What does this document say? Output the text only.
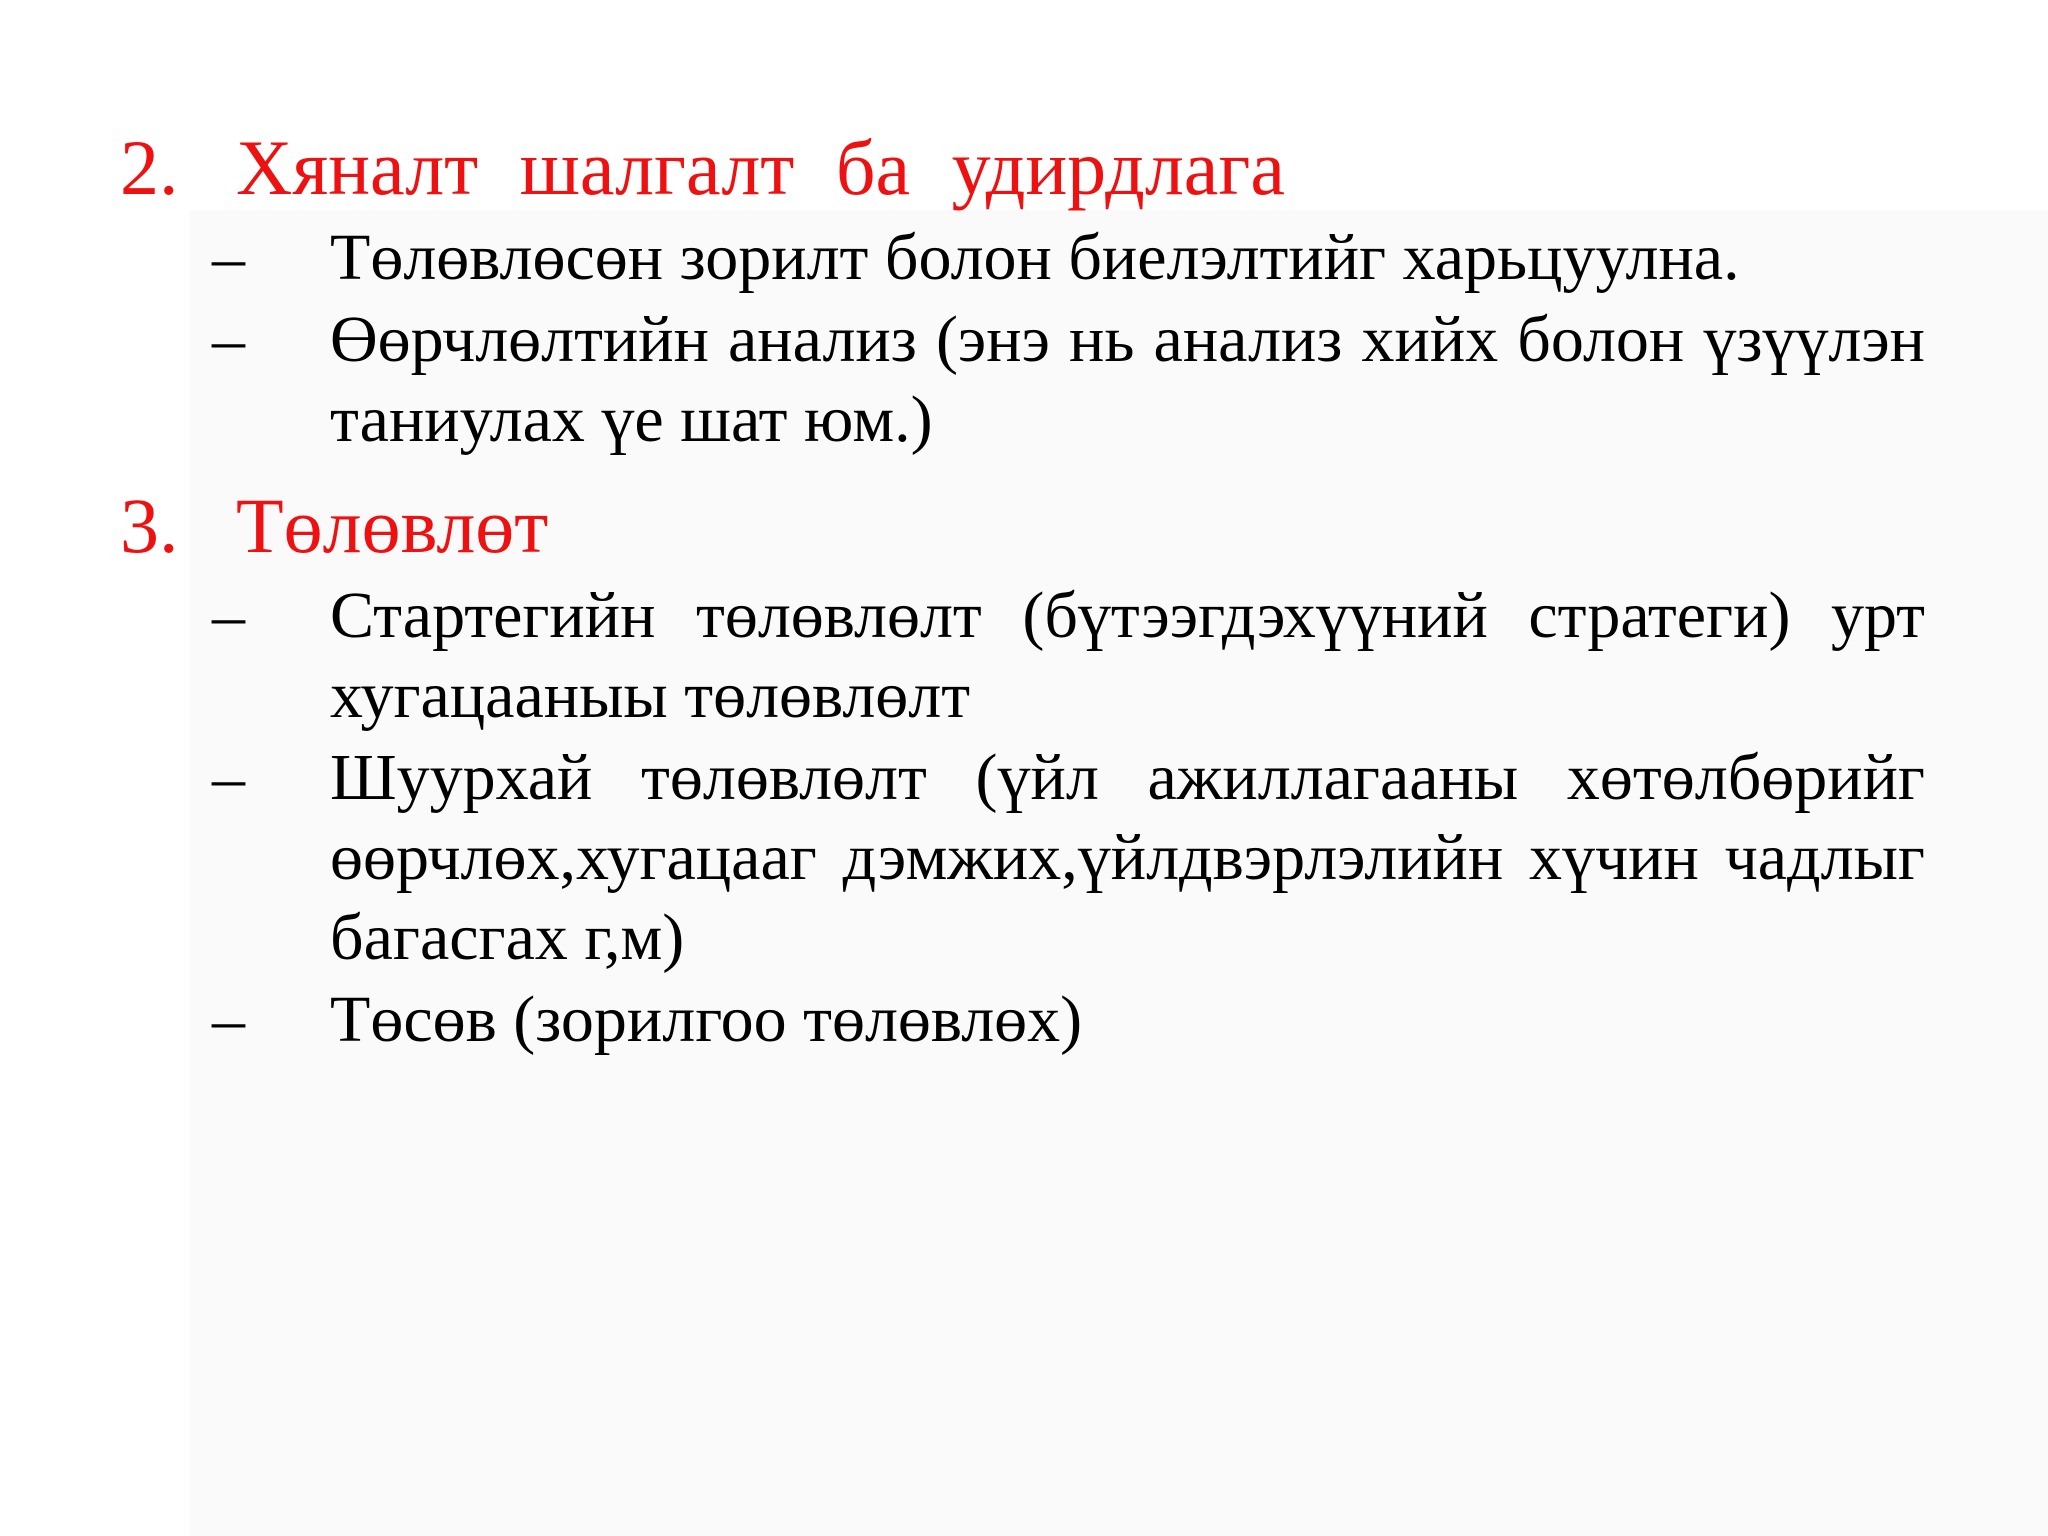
2. Хяналт шалгалт ба удирдлага
– Төлөвлөсөн зорилт болон биелэлтийг харьцуулна.
– Өөрчлөлтийн анализ (энэ нь анализ хийх болон үзүүлэн таниулах үе шат юм.)
3. Төлөвлөт
– Стартегийн төлөвлөлт (бүтээгдэхүүний стратеги) урт хугацааныы төлөвлөлт
– Шуурхай төлөвлөлт (үйл ажиллагааны хөтөлбөрийг өөрчлөх,хугацааг дэмжих,үйлдвэрлэлийн хүчин чадлыг багасгах г,м)
– Төсөв (зорилгоо төлөвлөх)
